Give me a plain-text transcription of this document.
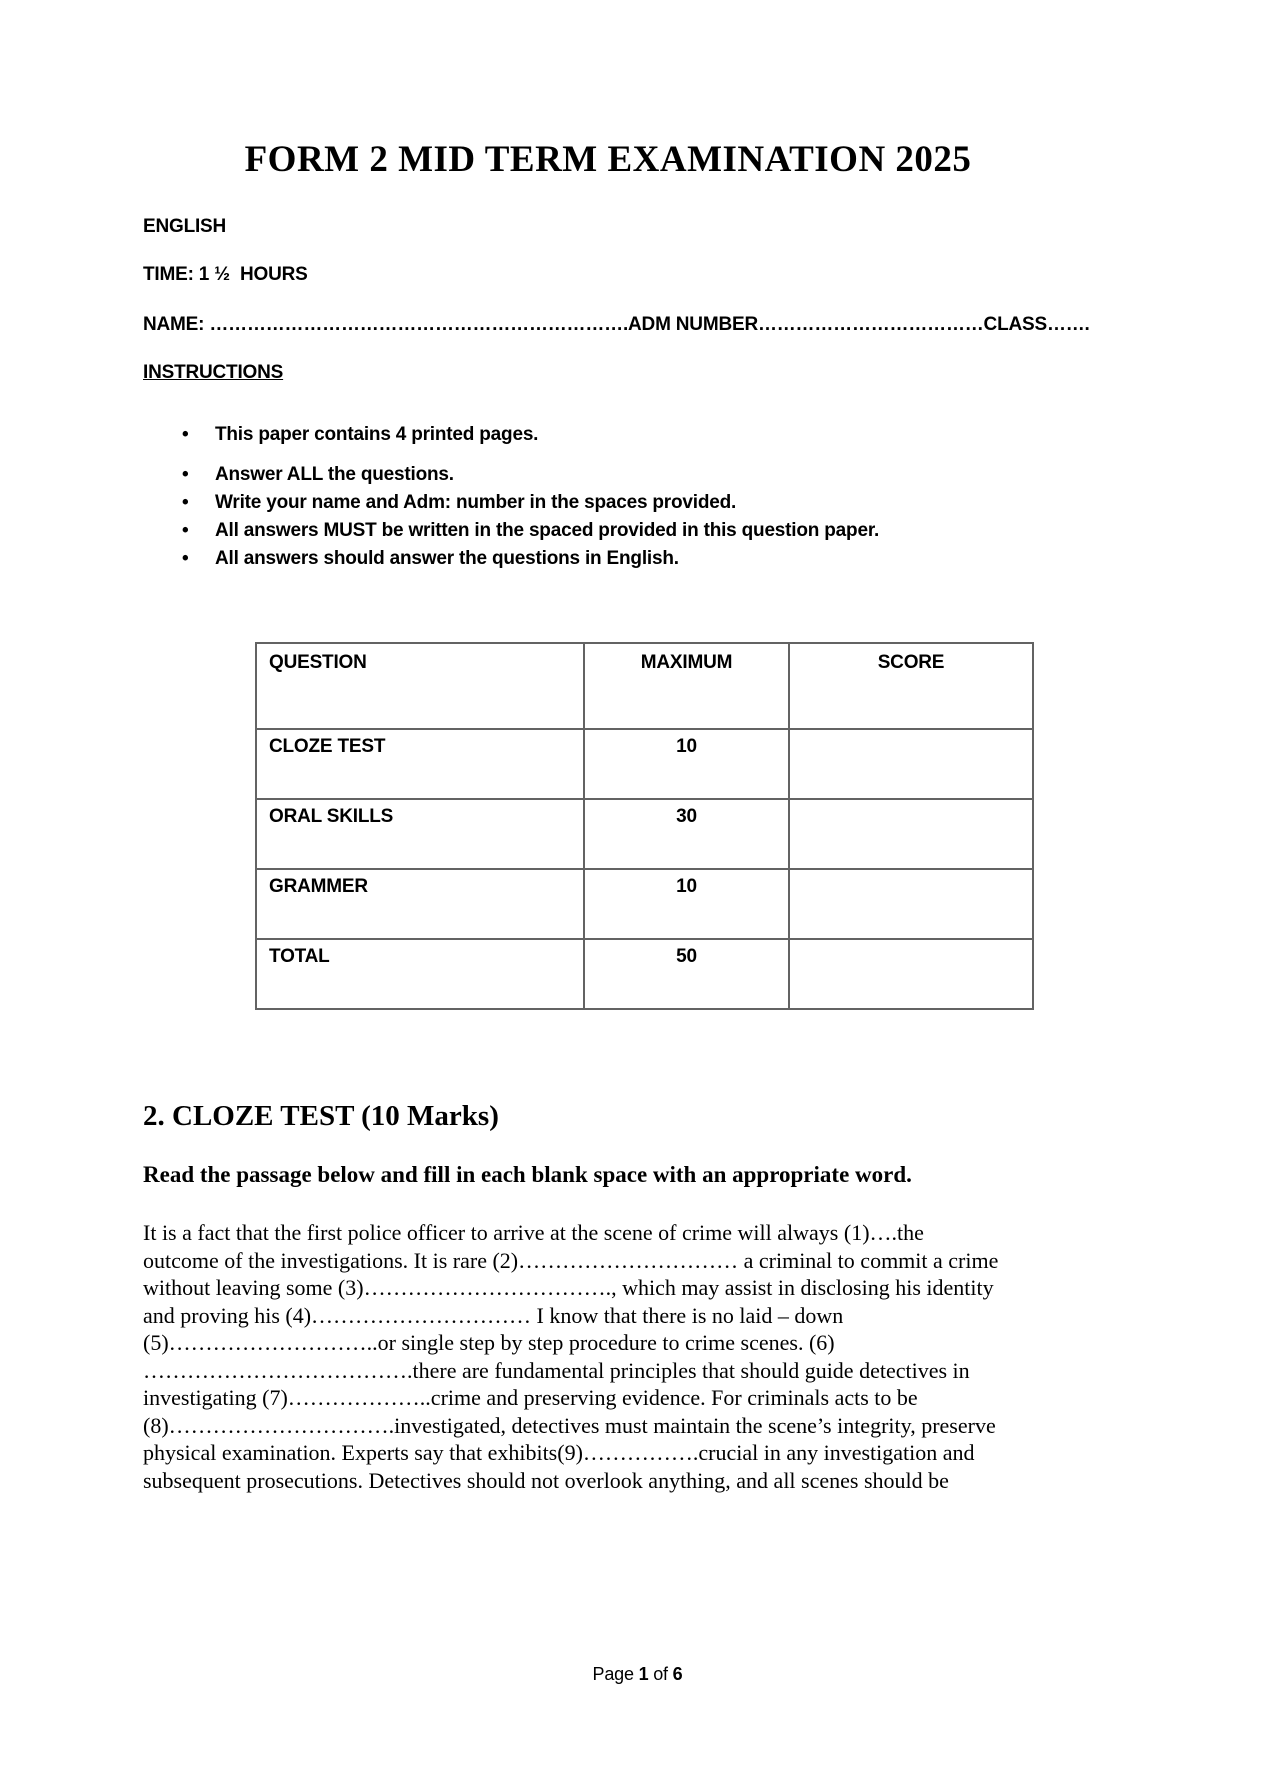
FORM 2 MID TERM EXAMINATION 2025
ENGLISH
TIME: 1 ½  HOURS
NAME: ………………………………………………………….ADM NUMBER………………………………CLASS…….
INSTRUCTIONS
• This paper contains 4 printed pages.
• Answer ALL the questions.
• Write your name and Adm: number in the spaces provided.
• All answers MUST be written in the spaced provided in this question paper.
• All answers should answer the questions in English.
QUESTION	MAXIMUM	SCORE
CLOZE TEST	10	
ORAL SKILLS	30	
GRAMMER	10	
TOTAL	50	
2. CLOZE TEST (10 Marks)
Read the passage below and fill in each blank space with an appropriate word.
It is a fact that the first police officer to arrive at the scene of crime will always (1)….the
outcome of the investigations. It is rare (2)………………………… a criminal to commit a crime
without leaving some (3)……………………………., which may assist in disclosing his identity
and proving his (4)………………………… I know that there is no laid – down
(5)………………………..or single step by step procedure to crime scenes. (6)
……………………………….there are fundamental principles that should guide detectives in
investigating (7)………………..crime and preserving evidence. For criminals acts to be
(8)………………………….investigated, detectives must maintain the scene’s integrity, preserve
physical examination. Experts say that exhibits(9)…………….crucial in any investigation and
subsequent prosecutions. Detectives should not overlook anything, and all scenes should be
Page 1 of 6
